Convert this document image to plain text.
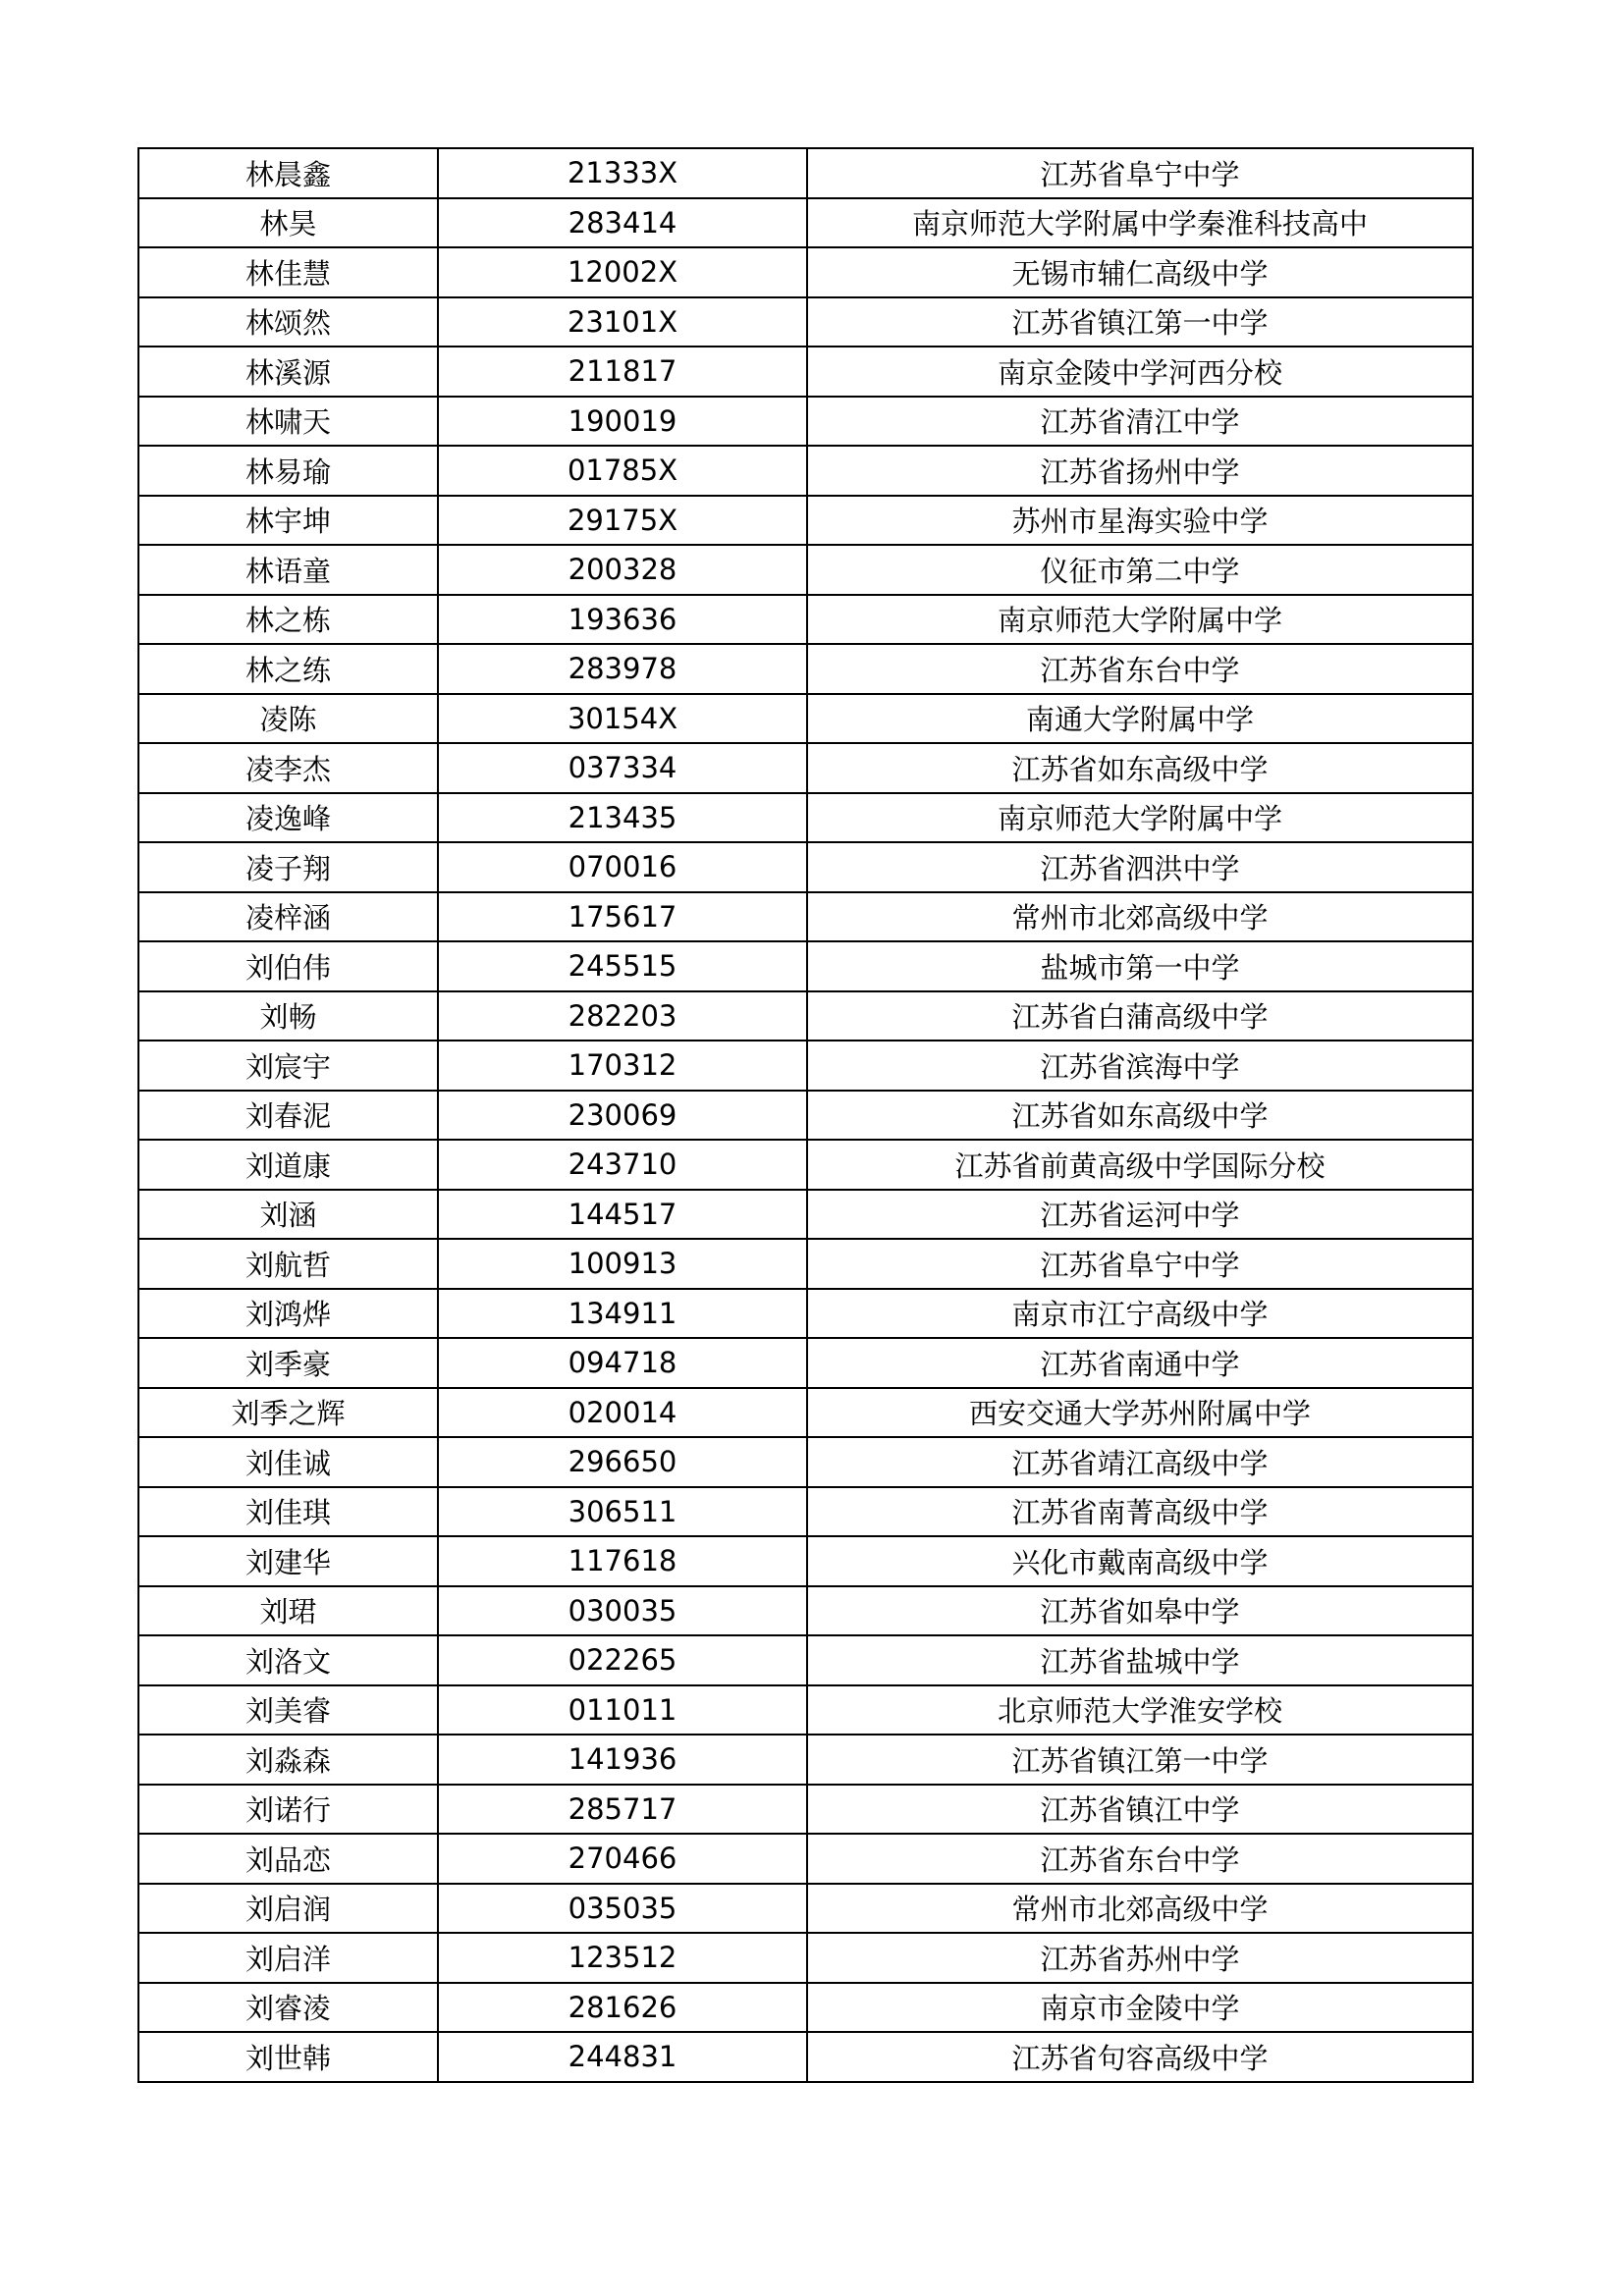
林晨鑫	21333X	江苏省阜宁中学
林昊	283414	南京师范大学附属中学秦淮科技高中
林佳慧	12002X	无锡市辅仁高级中学
林颂然	23101X	江苏省镇江第一中学
林溪源	211817	南京金陵中学河西分校
林啸天	190019	江苏省清江中学
林易瑜	01785X	江苏省扬州中学
林宇坤	29175X	苏州市星海实验中学
林语童	200328	仪征市第二中学
林之栋	193636	南京师范大学附属中学
林之练	283978	江苏省东台中学
凌陈	30154X	南通大学附属中学
凌李杰	037334	江苏省如东高级中学
凌逸峰	213435	南京师范大学附属中学
凌子翔	070016	江苏省泗洪中学
凌梓涵	175617	常州市北郊高级中学
刘伯伟	245515	盐城市第一中学
刘畅	282203	江苏省白蒲高级中学
刘宸宇	170312	江苏省滨海中学
刘春泥	230069	江苏省如东高级中学
刘道康	243710	江苏省前黄高级中学国际分校
刘涵	144517	江苏省运河中学
刘航哲	100913	江苏省阜宁中学
刘鸿烨	134911	南京市江宁高级中学
刘季豪	094718	江苏省南通中学
刘季之辉	020014	西安交通大学苏州附属中学
刘佳诚	296650	江苏省靖江高级中学
刘佳琪	306511	江苏省南菁高级中学
刘建华	117618	兴化市戴南高级中学
刘珺	030035	江苏省如皋中学
刘洛文	022265	江苏省盐城中学
刘美睿	011011	北京师范大学淮安学校
刘淼森	141936	江苏省镇江第一中学
刘诺行	285717	江苏省镇江中学
刘品恋	270466	江苏省东台中学
刘启润	035035	常州市北郊高级中学
刘启洋	123512	江苏省苏州中学
刘睿淩	281626	南京市金陵中学
刘世韩	244831	江苏省句容高级中学
